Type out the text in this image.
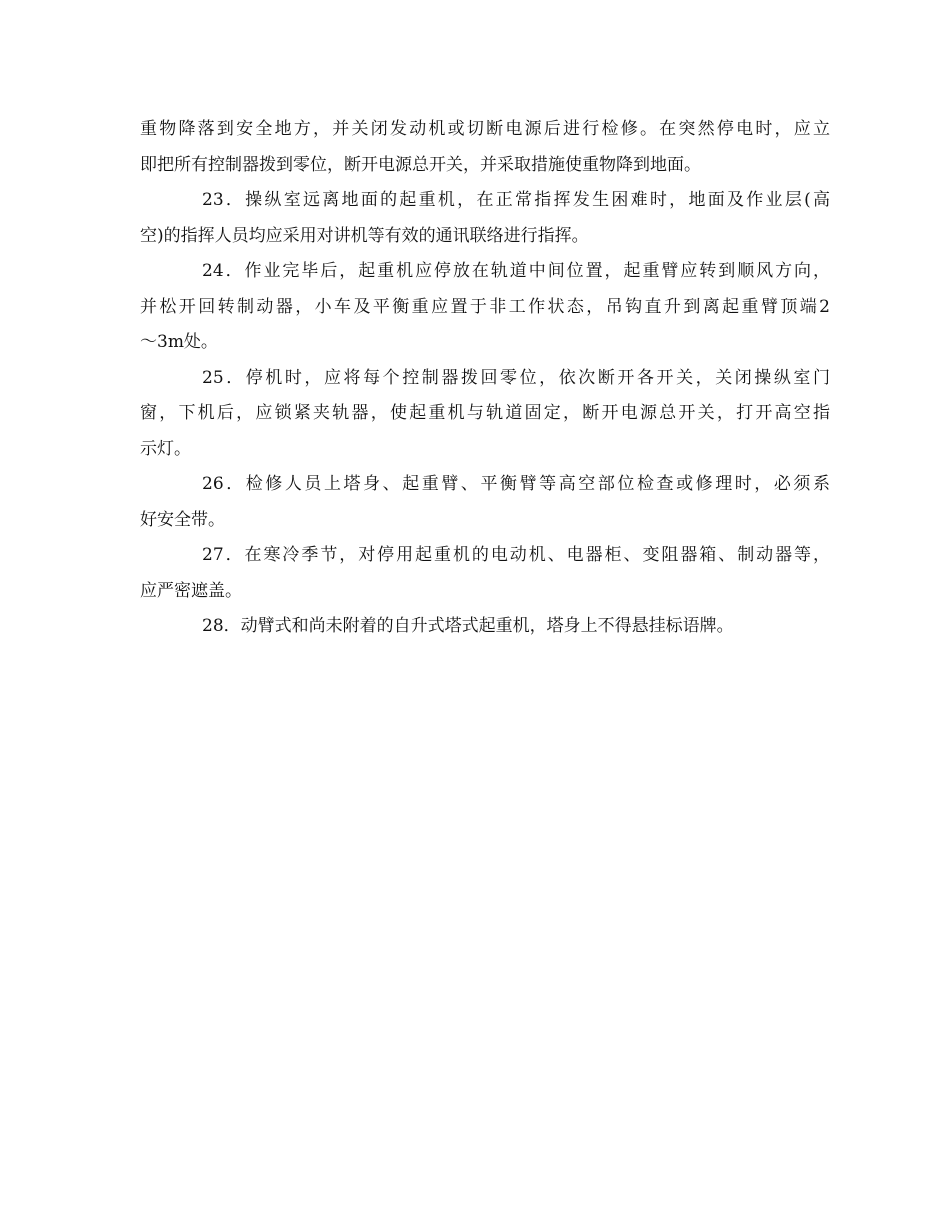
重物降落到安全地方，并关闭发动机或切断电源后进行检修。在突然停电时，应立
即把所有控制器拨到零位，断开电源总开关，并采取措施使重物降到地面。
23．操纵室远离地面的起重机，在正常指挥发生困难时，地面及作业层(高
空)的指挥人员均应采用对讲机等有效的通讯联络进行指挥。
24．作业完毕后，起重机应停放在轨道中间位置，起重臂应转到顺风方向，
并松开回转制动器，小车及平衡重应置于非工作状态，吊钩直升到离起重臂顶端2
～3m处。
25．停机时，应将每个控制器拨回零位，依次断开各开关，关闭操纵室门
窗，下机后，应锁紧夹轨器，使起重机与轨道固定，断开电源总开关，打开高空指
示灯。
26．检修人员上塔身、起重臂、平衡臂等高空部位检查或修理时，必须系
好安全带。
27．在寒冷季节，对停用起重机的电动机、电器柜、变阻器箱、制动器等，
应严密遮盖。
28．动臂式和尚未附着的自升式塔式起重机，塔身上不得悬挂标语牌。
